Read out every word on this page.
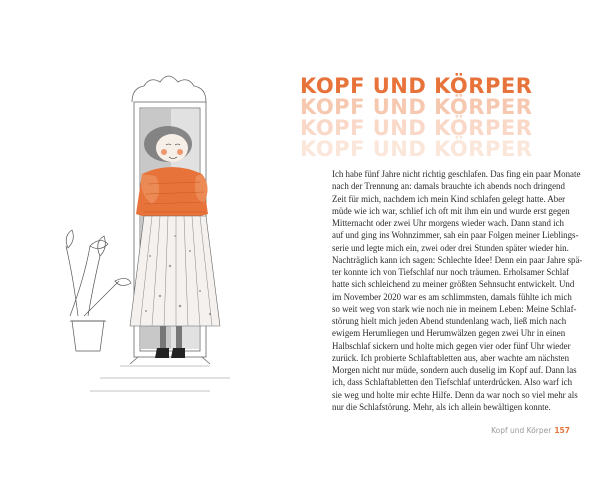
KOPF UND KÖRPER
KOPF UND KÖRPER
KOPF UND KÖRPER
KOPF UND KÖRPER
Ich habe fünf Jahre nicht richtig geschlafen. Das fing ein paar Monate
nach der Trennung an: damals brauchte ich abends noch dringend
Zeit für mich, nachdem ich mein Kind schlafen gelegt hatte. Aber
müde wie ich war, schlief ich oft mit ihm ein und wurde erst gegen
Mitternacht oder zwei Uhr morgens wieder wach. Dann stand ich
auf und ging ins Wohnzimmer, sah ein paar Folgen meiner Lieblings-
serie und legte mich ein, zwei oder drei Stunden später wieder hin.
Nachträglich kann ich sagen: Schlechte Idee! Denn ein paar Jahre spä-
ter konnte ich von Tiefschlaf nur noch träumen. Erholsamer Schlaf
hatte sich schleichend zu meiner größten Sehnsucht entwickelt. Und
im November 2020 war es am schlimmsten, damals fühlte ich mich
so weit weg von stark wie noch nie in meinem Leben: Meine Schlaf-
störung hielt mich jeden Abend stundenlang wach, ließ mich nach
ewigem Herumliegen und Herumwälzen gegen zwei Uhr in einen
Halbschlaf sickern und holte mich gegen vier oder fünf Uhr wieder
zurück. Ich probierte Schlaftabletten aus, aber wachte am nächsten
Morgen nicht nur müde, sondern auch duselig im Kopf auf. Dann las
ich, dass Schlaftabletten den Tiefschlaf unterdrücken. Also warf ich
sie weg und holte mir echte Hilfe. Denn da war noch so viel mehr als
nur die Schlafstörung. Mehr, als ich allein bewältigen konnte.
Kopf und Körper 157
